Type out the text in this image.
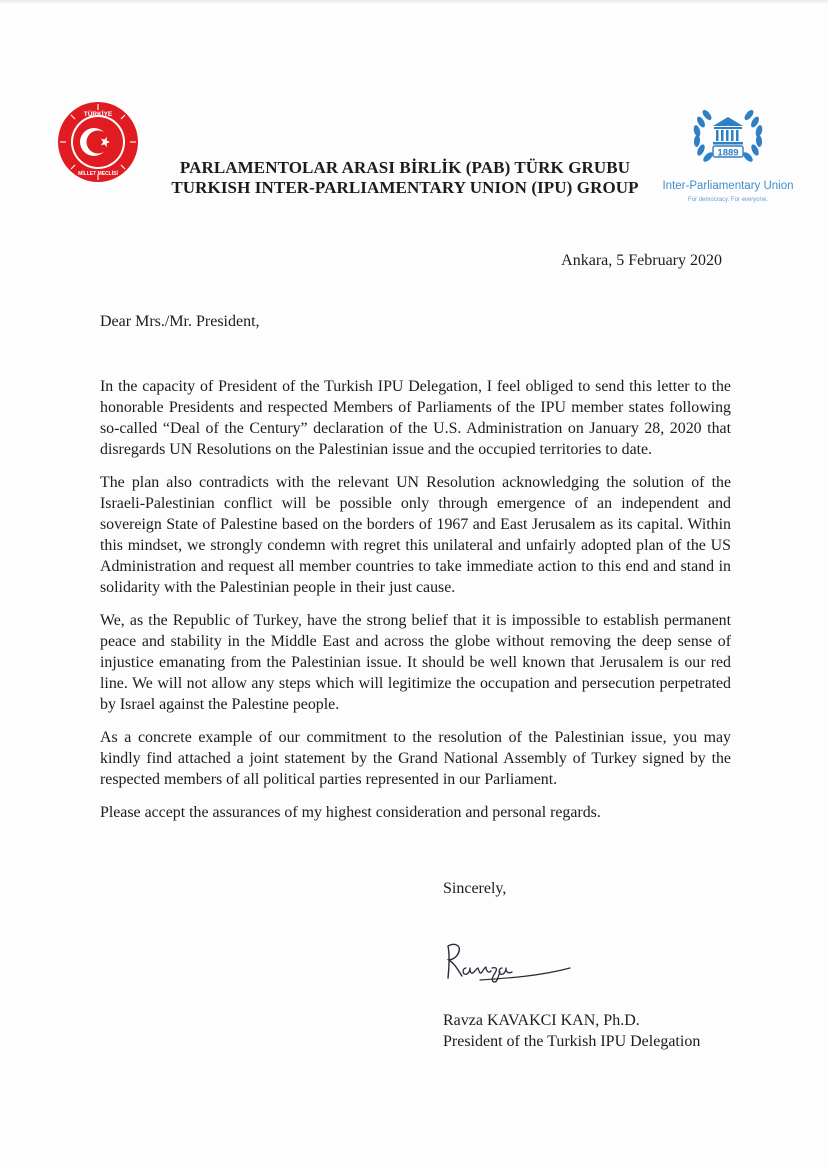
TÜRKİYE
MİLLET MECLİSİ	PARLAMENTOLAR ARASI BİRLİK (PAB) TÜRK GRUBU
TURKISH INTER-PARLIAMENTARY UNION (IPU) GROUP
1889
Inter-Parliamentary Union
For democracy. For everyone.
Ankara, 5 February 2020
Dear Mrs./Mr. President,

In the capacity of President of the Turkish IPU Delegation, I feel obliged to send this letter to the honorable Presidents and respected Members of Parliaments of the IPU member states following so-called “Deal of the Century” declaration of the U.S. Administration on January 28, 2020 that disregards UN Resolutions on the Palestinian issue and the occupied territories to date.

The plan also contradicts with the relevant UN Resolution acknowledging the solution of the Israeli-Palestinian conflict will be possible only through emergence of an independent and sovereign State of Palestine based on the borders of 1967 and East Jerusalem as its capital. Within this mindset, we strongly condemn with regret this unilateral and unfairly adopted plan of the US Administration and request all member countries to take immediate action to this end and stand in solidarity with the Palestinian people in their just cause.

We, as the Republic of Turkey, have the strong belief that it is impossible to establish permanent peace and stability in the Middle East and across the globe without removing the deep sense of injustice emanating from the Palestinian issue. It should be well known that Jerusalem is our red line. We will not allow any steps which will legitimize the occupation and persecution perpetrated by Israel against the Palestine people.

As a concrete example of our commitment to the resolution of the Palestinian issue, you may kindly find attached a joint statement by the Grand National Assembly of Turkey signed by the respected members of all political parties represented in our Parliament.

Please accept the assurances of my highest consideration and personal regards.

Sincerely,
Ravza KAVAKCI KAN, Ph.D.
President of the Turkish IPU Delegation
